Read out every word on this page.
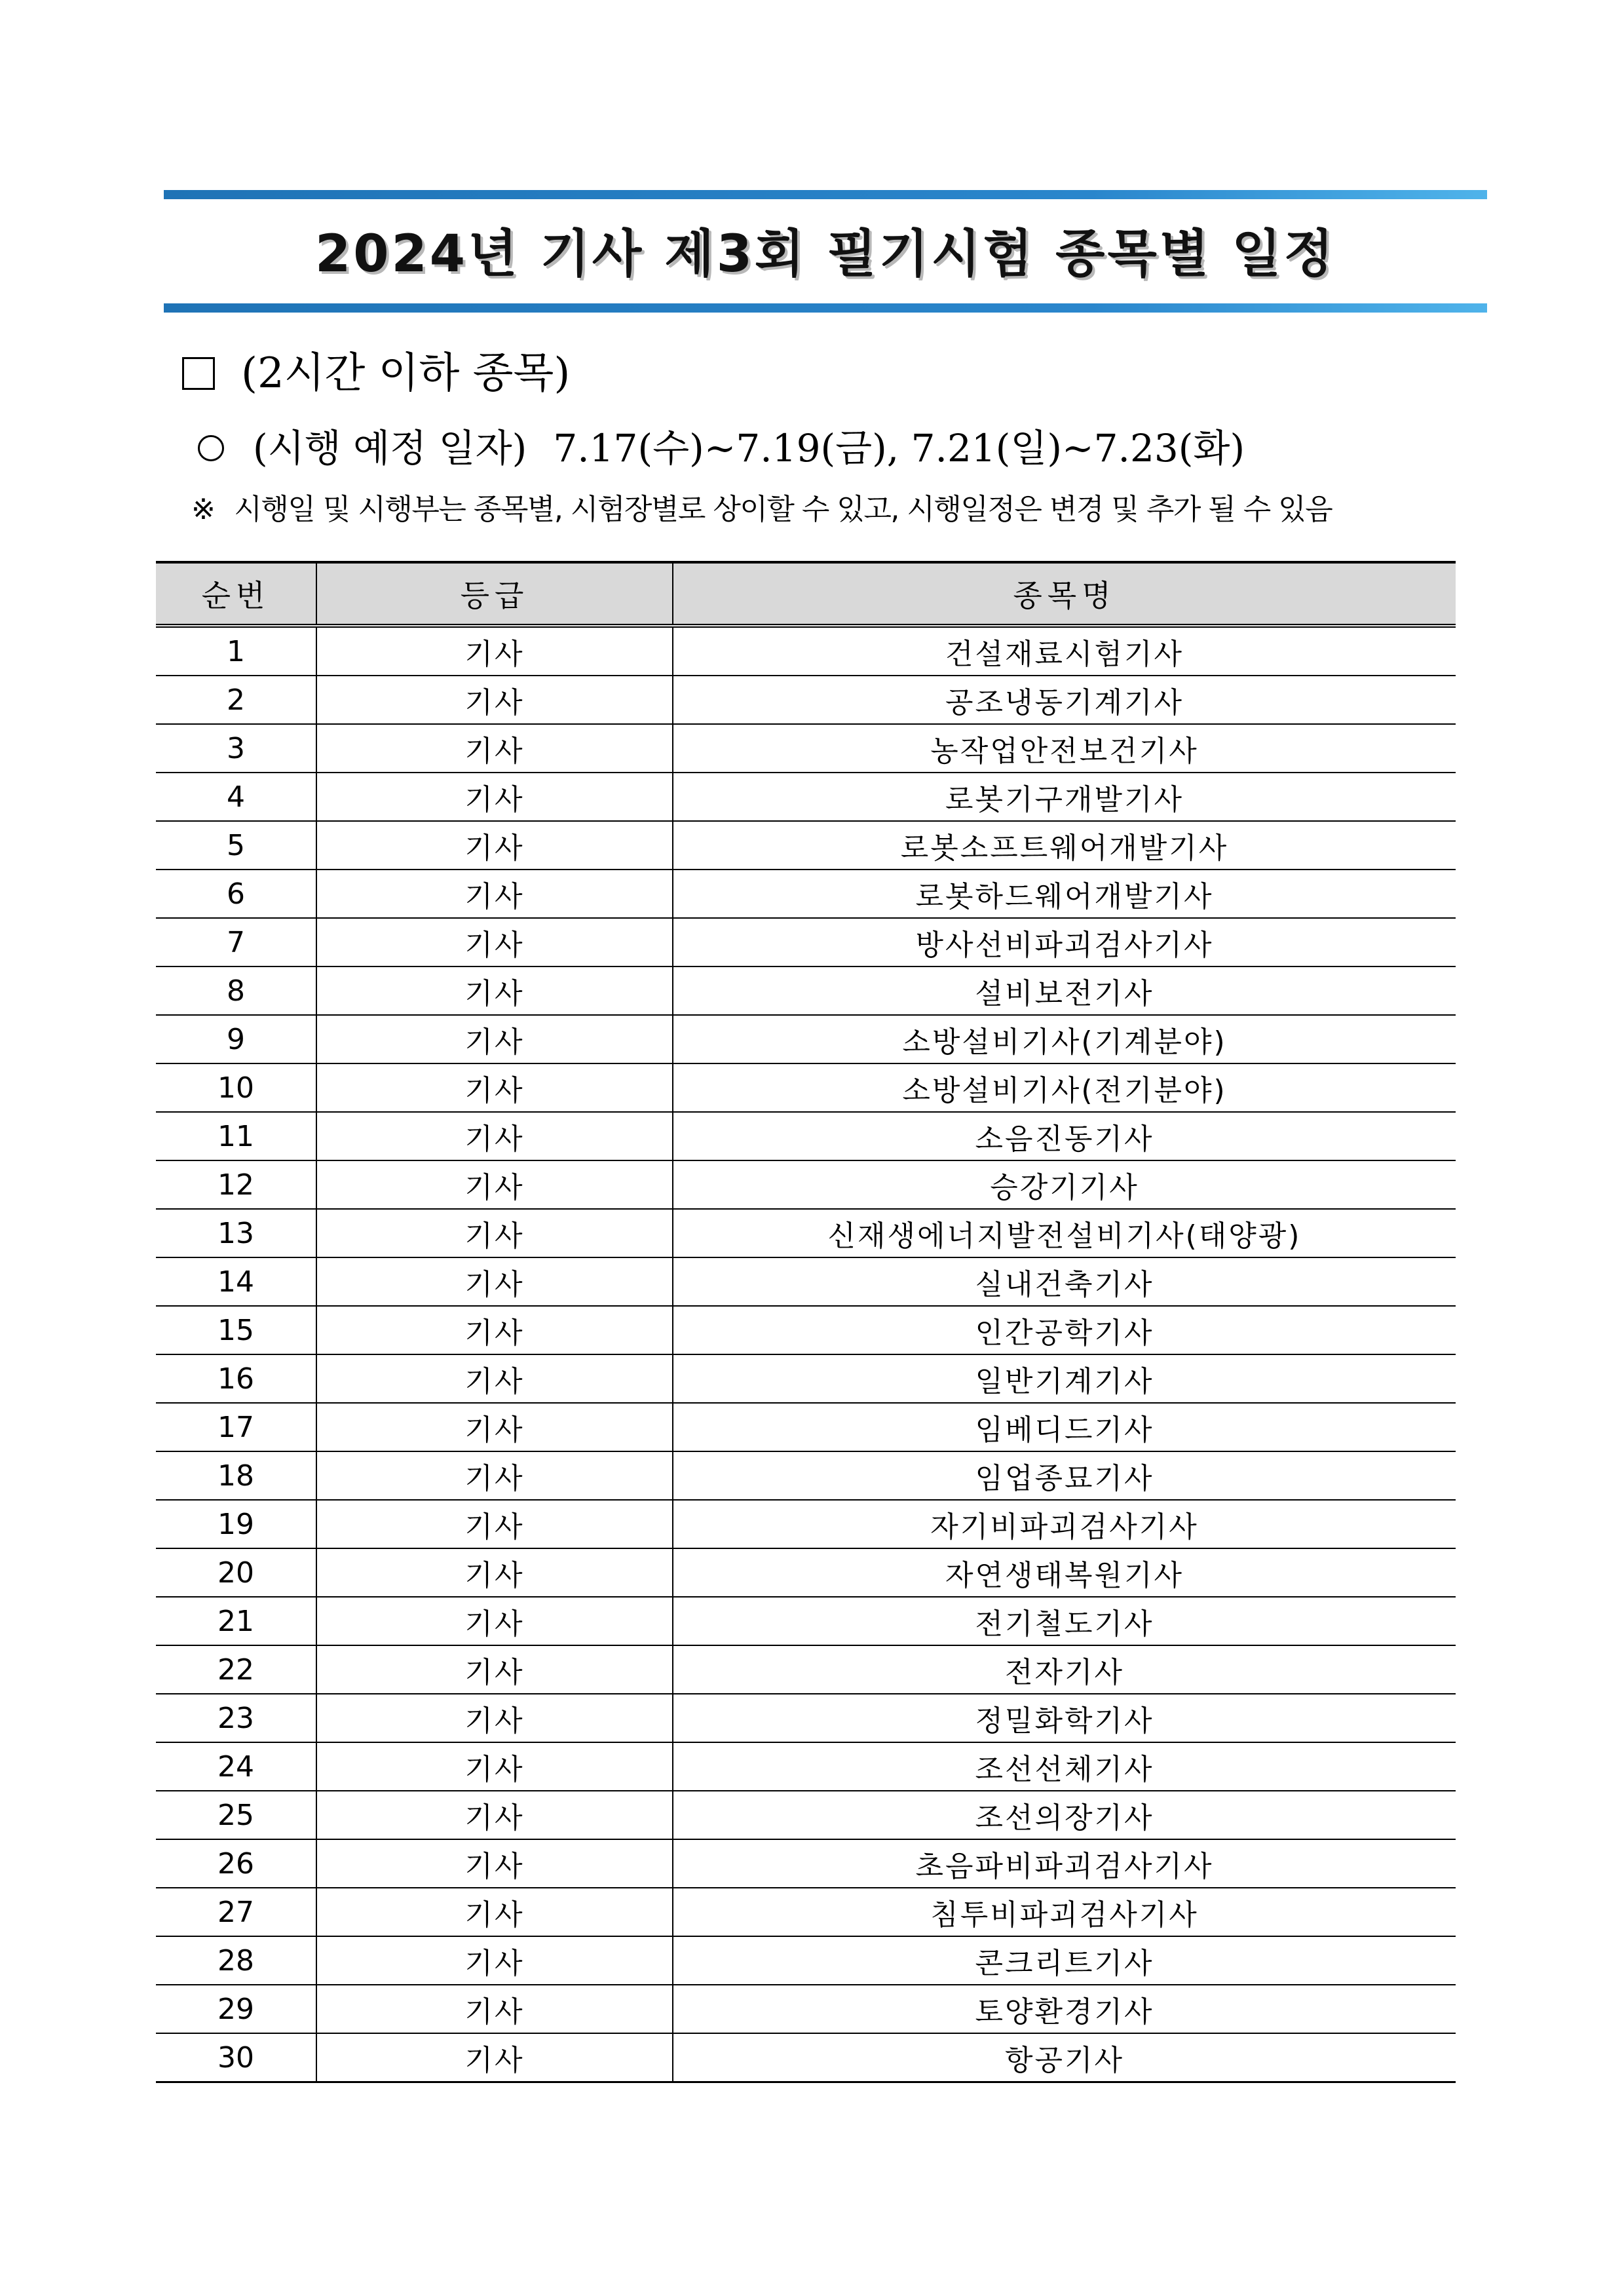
2024년 기사 제3회 필기시험 종목별 일정
(2시간 이하 종목)
(시행 예정 일자) 7.17(수)~7.19(금), 7.21(일)~7.23(화)
※ 시행일 및 시행부는 종목별, 시험장별로 상이할 수 있고, 시행일정은 변경 및 추가 될 수 있음
순번	등급	종목명
1	기사	건설재료시험기사
2	기사	공조냉동기계기사
3	기사	농작업안전보건기사
4	기사	로봇기구개발기사
5	기사	로봇소프트웨어개발기사
6	기사	로봇하드웨어개발기사
7	기사	방사선비파괴검사기사
8	기사	설비보전기사
9	기사	소방설비기사(기계분야)
10	기사	소방설비기사(전기분야)
11	기사	소음진동기사
12	기사	승강기기사
13	기사	신재생에너지발전설비기사(태양광)
14	기사	실내건축기사
15	기사	인간공학기사
16	기사	일반기계기사
17	기사	임베디드기사
18	기사	임업종묘기사
19	기사	자기비파괴검사기사
20	기사	자연생태복원기사
21	기사	전기철도기사
22	기사	전자기사
23	기사	정밀화학기사
24	기사	조선선체기사
25	기사	조선의장기사
26	기사	초음파비파괴검사기사
27	기사	침투비파괴검사기사
28	기사	콘크리트기사
29	기사	토양환경기사
30	기사	항공기사
